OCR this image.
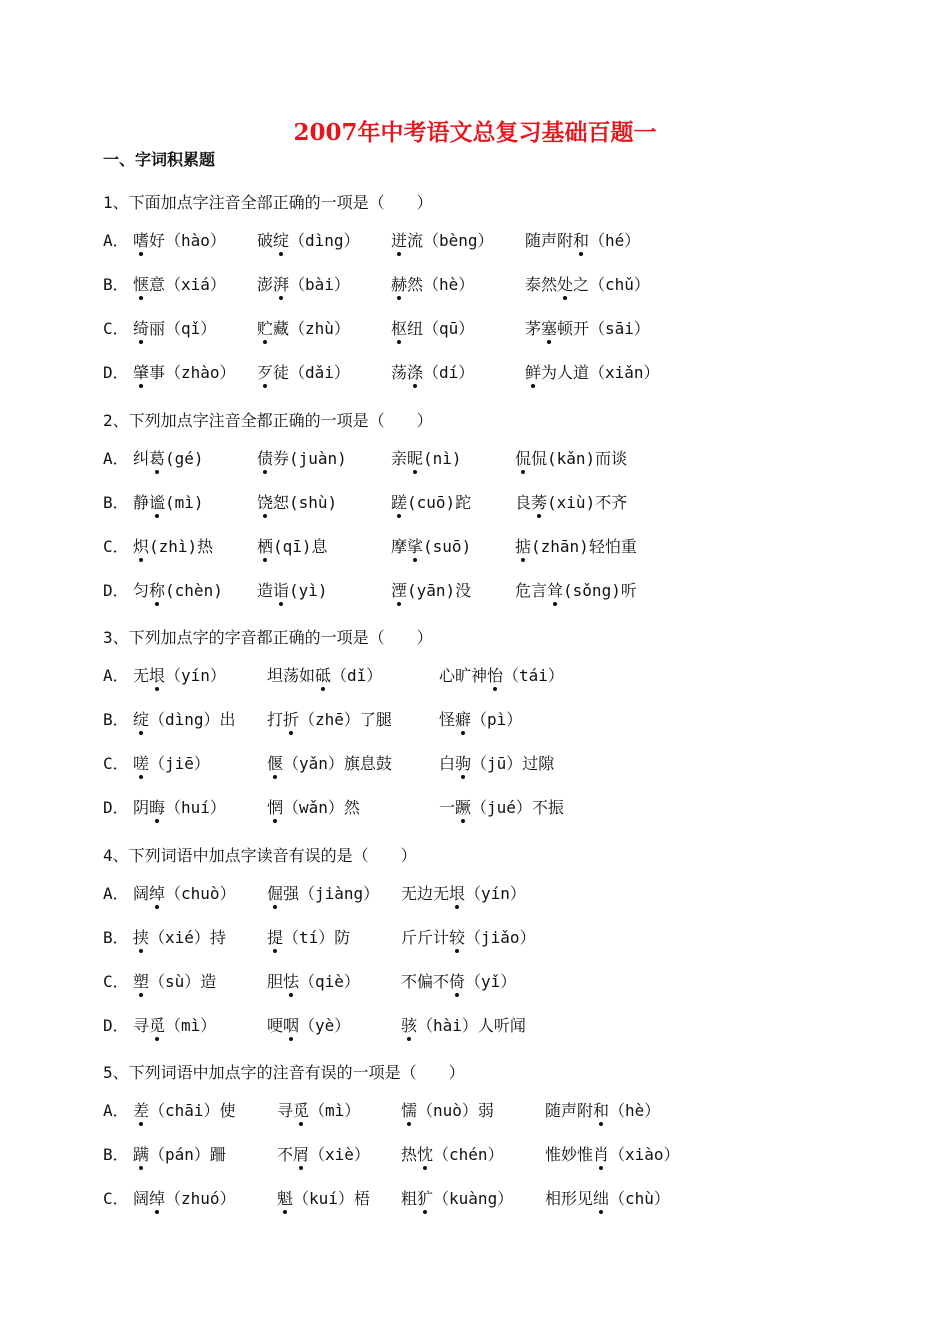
2007年中考语文总复习基础百题一
一、字词积累题
1、下面加点字注音全部正确的一项是（　　）
A． 嗜好（hào） 破绽（dìng） 迸流（bèng） 随声附和（hé）
B． 惬意（xiá） 澎湃（bài）	赫然（hè）	泰然处之（chǔ）
C． 绮丽（qǐ）	贮藏（zhù）	枢纽（qū）	茅塞顿开（sāi）
D． 肇事（zhào） 歹徒（dǎi）	荡涤（dí）	鲜为人道（xiǎn）
2、下列加点字注音全都正确的一项是（　　）
A． 纠葛(gé)	债券(juàn)	亲昵(nì)	侃侃(kǎn)而谈
B． 静谧(mì)	饶恕(shù)	蹉(cuō)跎	良莠(xiù)不齐
C． 炽(zhì)热	栖(qī)息	摩挲(suō)	掂(zhān)轻怕重
D． 匀称(chèn) 造诣(yì)	湮(yān)没	危言耸(sǒng)听
3、下列加点字的字音都正确的一项是（　　）
A． 无垠（yín）	坦荡如砥（dǐ）	心旷神怡（tái）
B． 绽（dìng）出 打折（zhē）了腿	怪癖（pì）
C． 嗟（jiē）	偃（yǎn）旗息鼓	白驹（jū）过隙
D． 阴晦（huí）	惘（wǎn）然	一蹶（jué）不振
4、下列词语中加点字读音有误的是（　　）
A． 阔绰（chuò） 倔强（jiàng） 无边无垠（yín）
B． 挟（xié）持	提（tí）防	斤斤计较（jiǎo）
C． 塑（sù）造	胆怯（qiè）	不偏不倚（yǐ）
D． 寻觅（mì）	哽咽（yè）	骇（hài）人听闻
5、下列词语中加点字的注音有误的一项是（　　）
A． 差（chāi）使	寻觅（mì）	懦（nuò）弱	随声附和（hè）
B． 蹒（pán）跚	不屑（xiè） 热忱（chén）	惟妙惟肖（xiào）
C． 阔绰（zhuó）	魁（kuí）梧 粗犷（kuàng） 相形见绌（chù）
